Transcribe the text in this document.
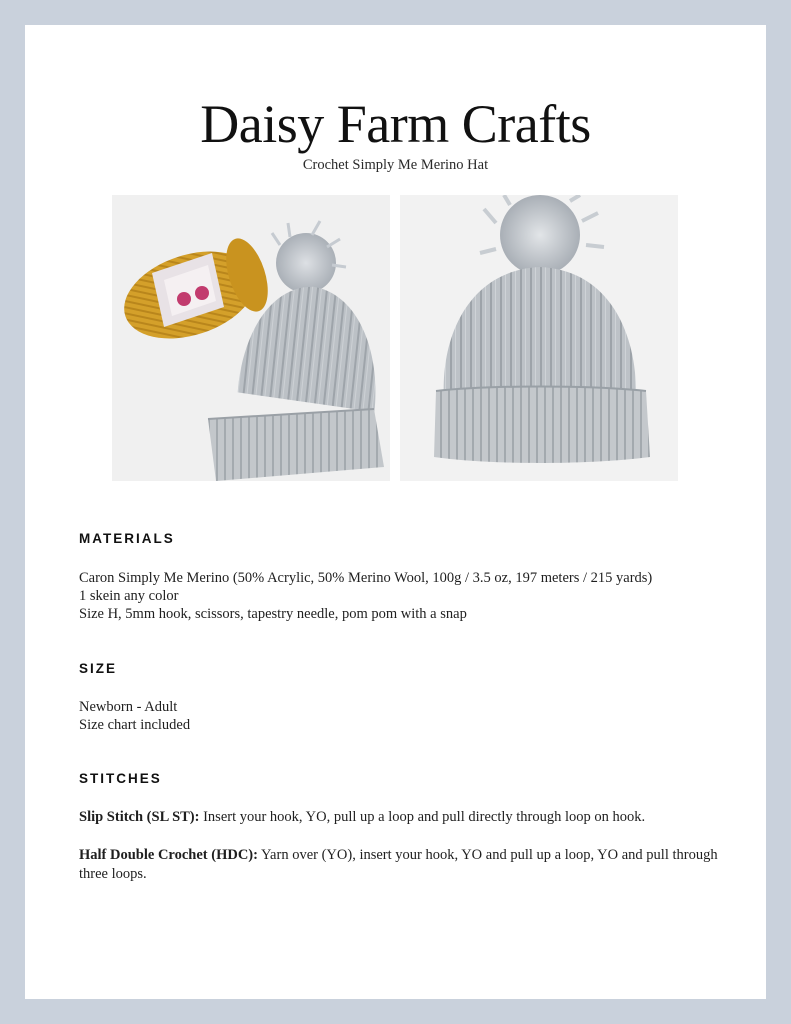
Daisy Farm Crafts
Crochet Simply Me Merino Hat
MATERIALS
Caron Simply Me Merino (50% Acrylic, 50% Merino Wool, 100g / 3.5 oz, 197 meters / 215 yards)
1 skein any color
Size H, 5mm hook, scissors, tapestry needle, pom pom with a snap
SIZE
Newborn - Adult
Size chart included
STITCHES
Slip Stitch (SL ST): Insert your hook, YO, pull up a loop and pull directly through loop on hook.
Half Double Crochet (HDC): Yarn over (YO), insert your hook, YO and pull up a loop, YO and pull through three loops.
